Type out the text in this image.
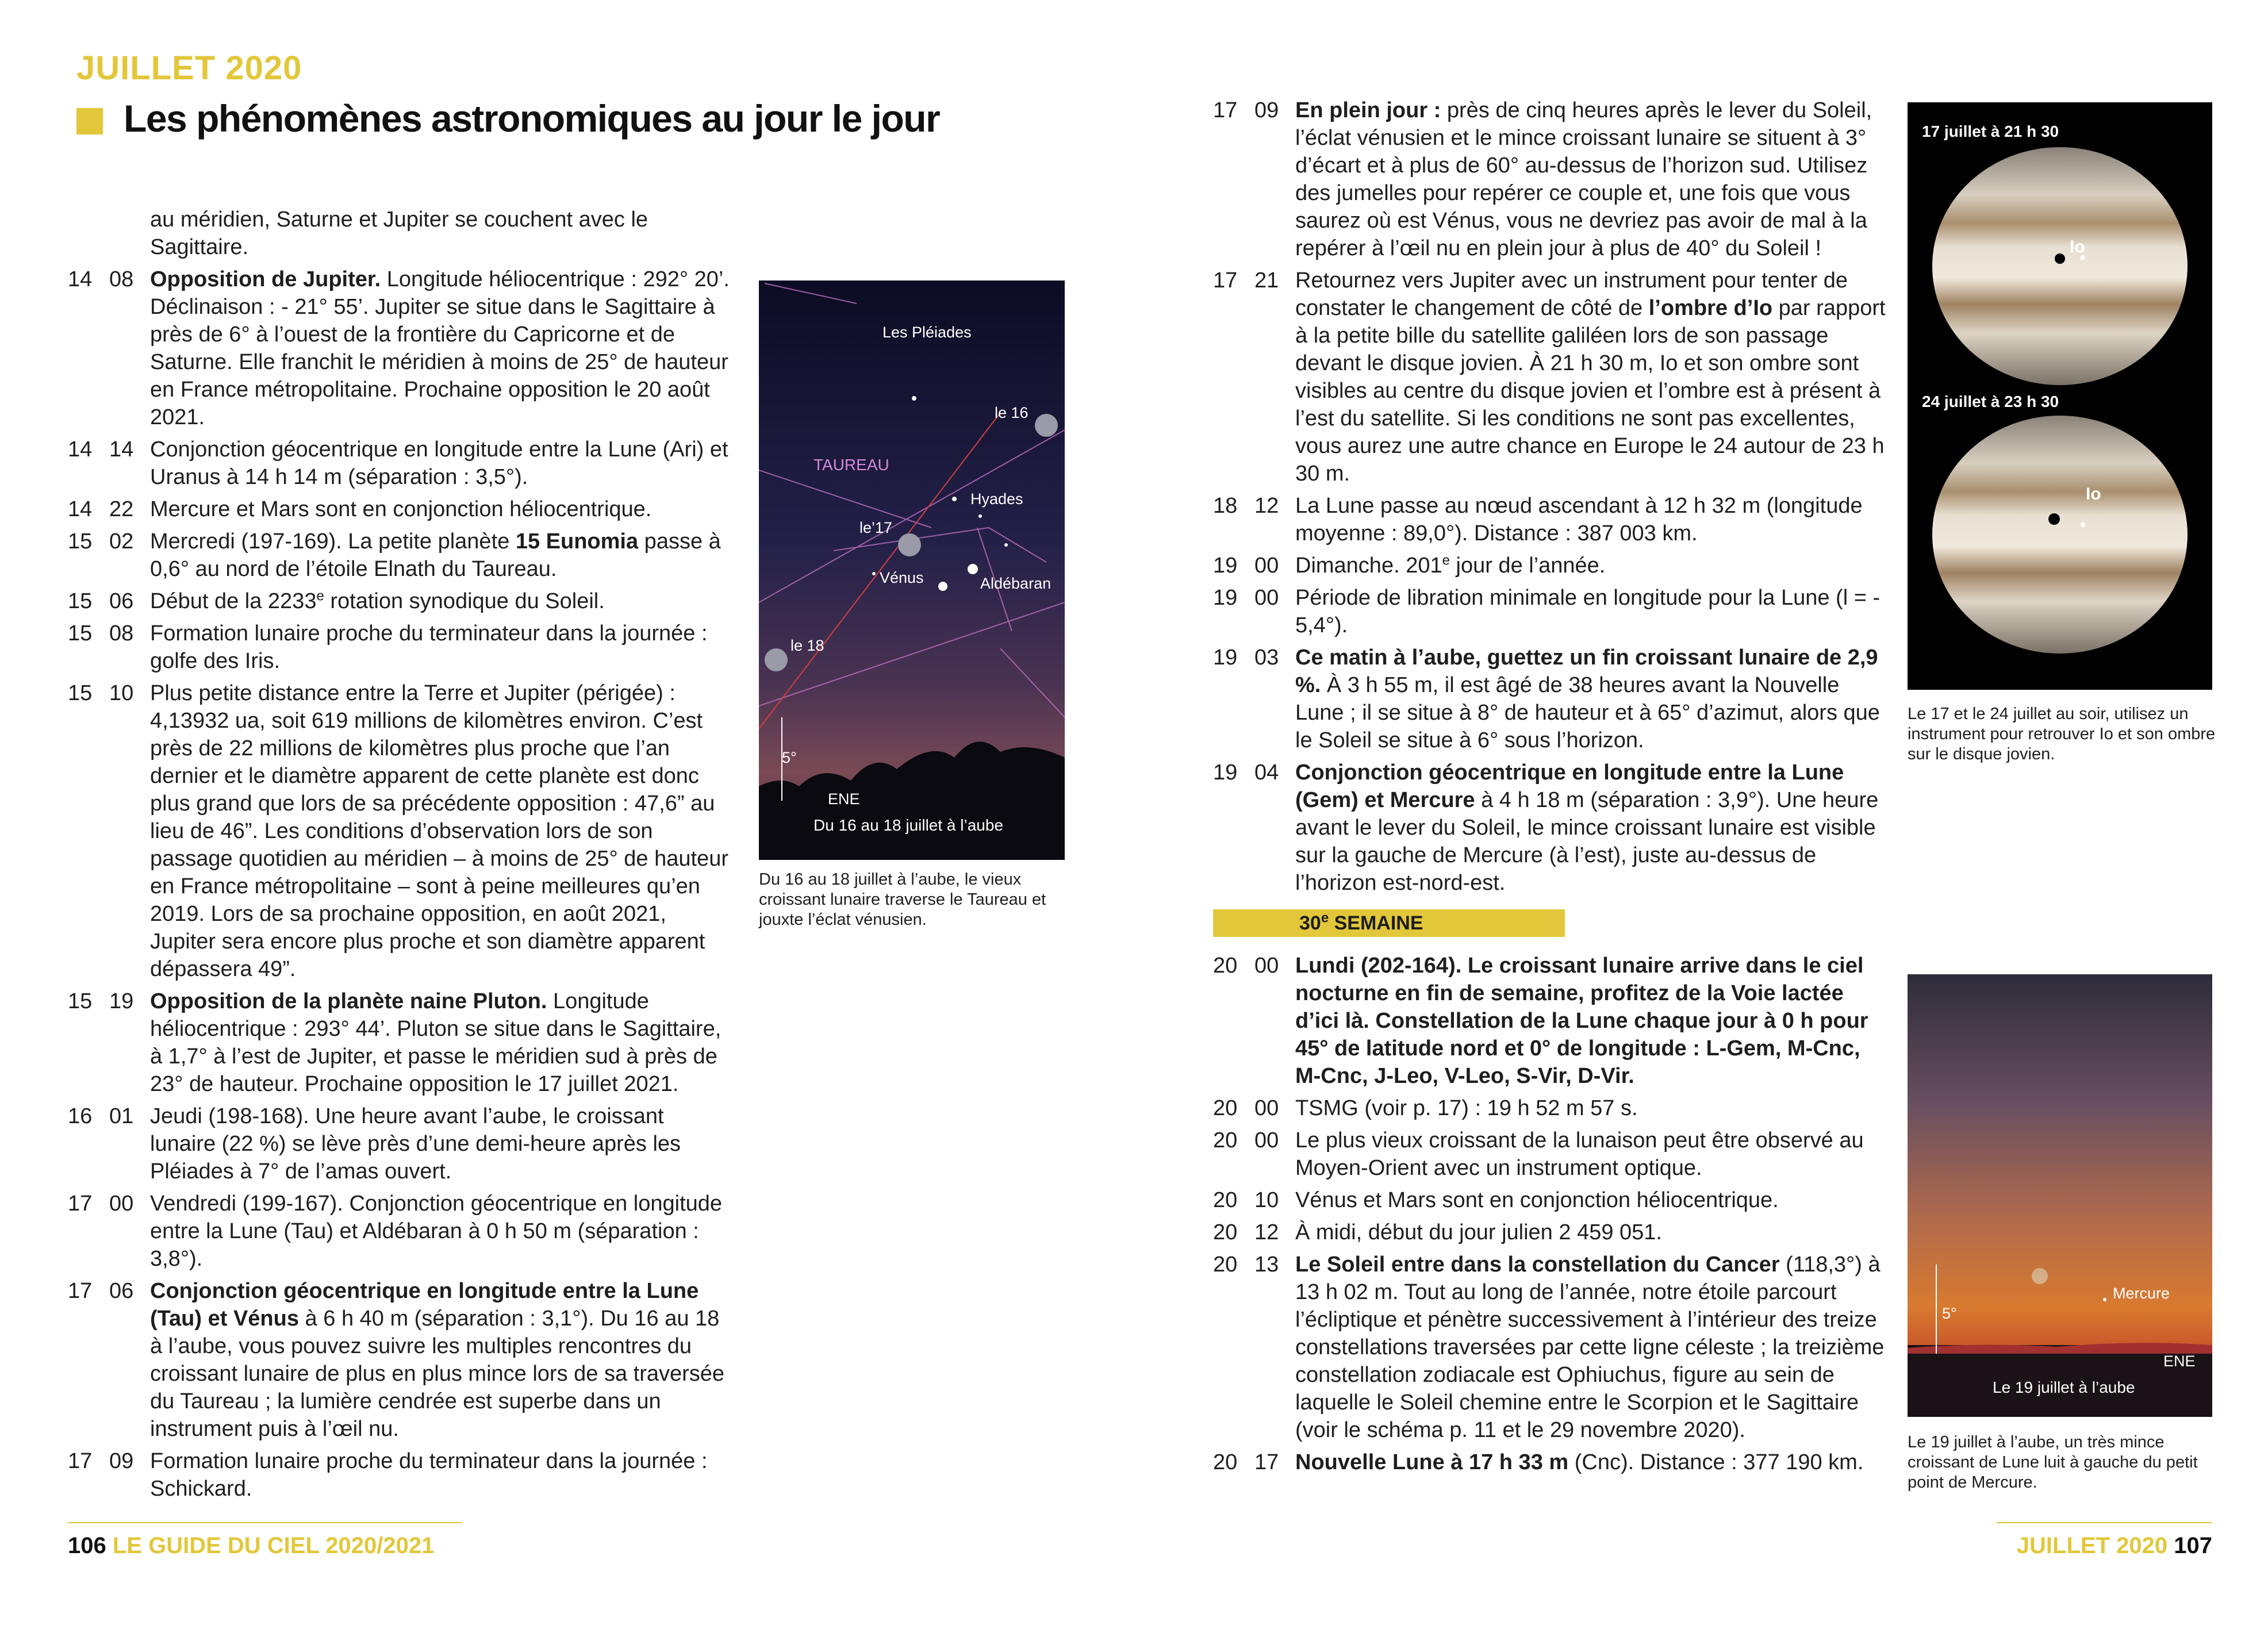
JUILLET 2020
Les phénomènes astronomiques au jour le jour
au méridien, Saturne et Jupiter se couchent avec le Sagittaire.
14 08 Opposition de Jupiter. Longitude héliocentrique : 292° 20’. Déclinaison : - 21° 55’. Jupiter se situe dans le Sagittaire à près de 6° à l’ouest de la frontière du Capricorne et de Saturne. Elle franchit le méridien à moins de 25° de hauteur en France métropolitaine. Prochaine opposition le 20 août 2021.
14 14 Conjonction géocentrique en longitude entre la Lune (Ari) et Uranus à 14 h 14 m (séparation : 3,5°).
14 22 Mercure et Mars sont en conjonction héliocentrique.
15 02 Mercredi (197-169). La petite planète 15 Eunomia passe à 0,6° au nord de l’étoile Elnath du Taureau.
15 06 Début de la 2233e rotation synodique du Soleil.
15 08 Formation lunaire proche du terminateur dans la journée : golfe des Iris.
15 10 Plus petite distance entre la Terre et Jupiter (périgée) : 4,13932 ua, soit 619 millions de kilomètres environ. C’est près de 22 millions de kilomètres plus proche que l’an dernier et le diamètre apparent de cette planète est donc plus grand que lors de sa précédente opposition : 47,6” au lieu de 46”. Les conditions d’observation lors de son passage quotidien au méridien – à moins de 25° de hauteur en France métropolitaine – sont à peine meilleures qu’en 2019. Lors de sa prochaine opposition, en août 2021, Jupiter sera encore plus proche et son diamètre apparent dépassera 49”.
15 19 Opposition de la planète naine Pluton. Longitude héliocentrique : 293° 44’. Pluton se situe dans le Sagittaire, à 1,7° à l’est de Jupiter, et passe le méridien sud à près de 23° de hauteur. Prochaine opposition le 17 juillet 2021.
16 01 Jeudi (198-168). Une heure avant l’aube, le croissant lunaire (22 %) se lève près d’une demi-heure après les Pléiades à 7° de l’amas ouvert.
17 00 Vendredi (199-167). Conjonction géocentrique en longitude entre la Lune (Tau) et Aldébaran à 0 h 50 m (séparation : 3,8°).
17 06 Conjonction géocentrique en longitude entre la Lune (Tau) et Vénus à 6 h 40 m (séparation : 3,1°). Du 16 au 18 à l’aube, vous pouvez suivre les multiples rencontres du croissant lunaire de plus en plus mince lors de sa traversée du Taureau ; la lumière cendrée est superbe dans un instrument puis à l’œil nu.
17 09 Formation lunaire proche du terminateur dans la journée : Schickard.
17 09 En plein jour : près de cinq heures après le lever du Soleil, l’éclat vénusien et le mince croissant lunaire se situent à 3° d’écart et à plus de 60° au-dessus de l’horizon sud. Utilisez des jumelles pour repérer ce couple et, une fois que vous saurez où est Vénus, vous ne devriez pas avoir de mal à la repérer à l’œil nu en plein jour à plus de 40° du Soleil !
17 21 Retournez vers Jupiter avec un instrument pour tenter de constater le changement de côté de l’ombre d’Io par rapport à la petite bille du satellite galiléen lors de son passage devant le disque jovien. À 21 h 30 m, Io et son ombre sont visibles au centre du disque jovien et l’ombre est à présent à l’est du satellite. Si les conditions ne sont pas excellentes, vous aurez une autre chance en Europe le 24 autour de 23 h 30 m.
18 12 La Lune passe au nœud ascendant à 12 h 32 m (longitude moyenne : 89,0°). Distance : 387 003 km.
19 00 Dimanche. 201e jour de l’année.
19 00 Période de libration minimale en longitude pour la Lune (l = - 5,4°).
19 03 Ce matin à l’aube, guettez un fin croissant lunaire de 2,9 %. À 3 h 55 m, il est âgé de 38 heures avant la Nouvelle Lune ; il se situe à 8° de hauteur et à 65° d’azimut, alors que le Soleil se situe à 6° sous l’horizon.
19 04 Conjonction géocentrique en longitude entre la Lune (Gem) et Mercure à 4 h 18 m (séparation : 3,9°). Une heure avant le lever du Soleil, le mince croissant lunaire est visible sur la gauche de Mercure (à l’est), juste au-dessus de l’horizon est-nord-est.
30e SEMAINE
20 00 Lundi (202-164). Le croissant lunaire arrive dans le ciel nocturne en fin de semaine, profitez de la Voie lactée d’ici là. Constellation de la Lune chaque jour à 0 h pour 45° de latitude nord et 0° de longitude : L-Gem, M-Cnc, M-Cnc, J-Leo, V-Leo, S-Vir, D-Vir.
20 00 TSMG (voir p. 17) : 19 h 52 m 57 s.
20 00 Le plus vieux croissant de la lunaison peut être observé au Moyen-Orient avec un instrument optique.
20 10 Vénus et Mars sont en conjonction héliocentrique.
20 12 À midi, début du jour julien 2 459 051.
20 13 Le Soleil entre dans la constellation du Cancer (118,3°) à 13 h 02 m. Tout au long de l’année, notre étoile parcourt l’écliptique et pénètre successivement à l’intérieur des treize constellations traversées par cette ligne céleste ; la treizième constellation zodiacale est Ophiuchus, figure au sein de laquelle le Soleil chemine entre le Scorpion et le Sagittaire (voir le schéma p. 11 et le 29 novembre 2020).
20 17 Nouvelle Lune à 17 h 33 m (Cnc). Distance : 377 190 km.
Les Pléiades
le 16
TAUREAU
Hyades
le’17
Vénus	Aldébaran
le 18
5°
ENE
Du 16 au 18 juillet à l’aube
Du 16 au 18 juillet à l’aube, le vieux croissant lunaire traverse le Taureau et jouxte l’éclat vénusien.
17 juillet à 21 h 30
24 juillet à 23 h 30
Io
Io
Le 17 et le 24 juillet au soir, utilisez un instrument pour retrouver Io et son ombre sur le disque jovien.
Mercure
5°
ENE
Le 19 juillet à l’aube
Le 19 juillet à l’aube, un très mince croissant de Lune luit à gauche du petit point de Mercure.
106 LE GUIDE DU CIEL 2020/2021	JUILLET 2020 107
